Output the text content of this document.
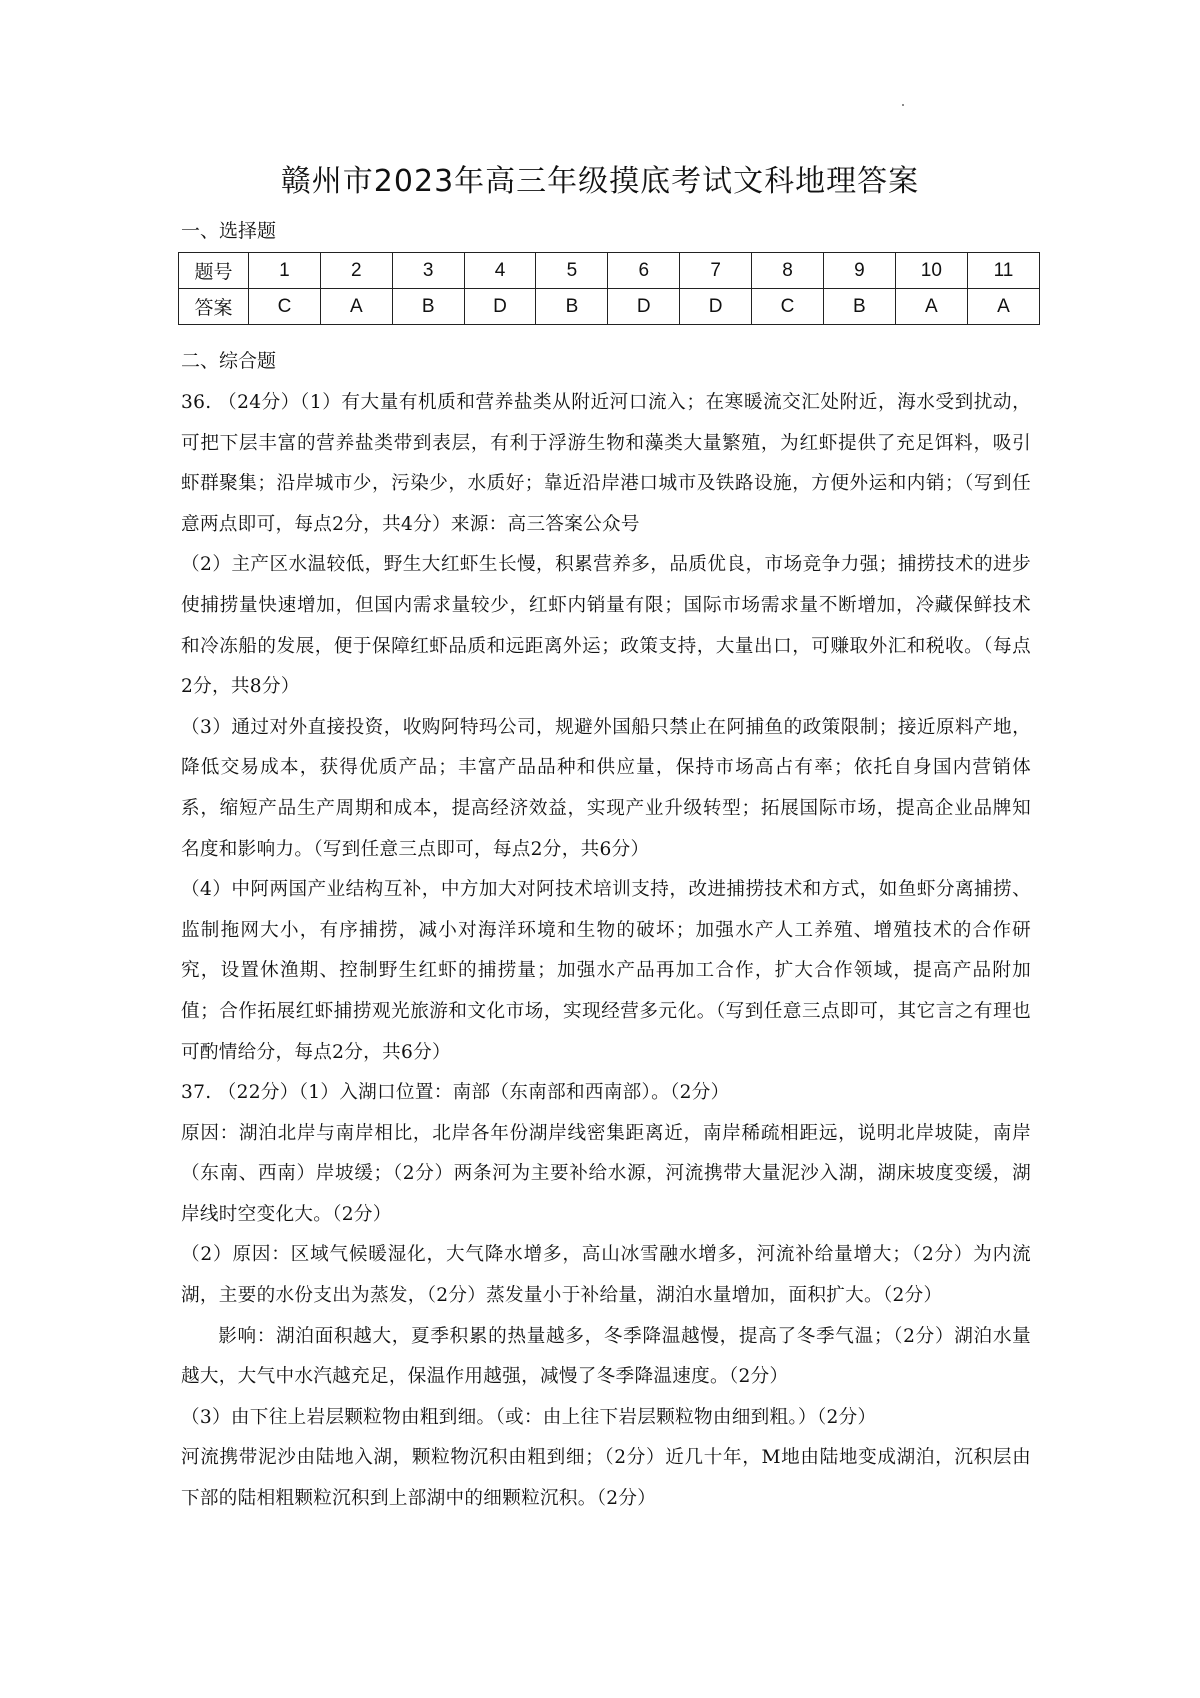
赣州市2023年高三年级摸底考试文科地理答案

一、选择题

题号	1	2	3	4	5	6	7	8	9	10	11
答案	C	A	B	D	B	D	D	C	B	A	A

二、综合题

36. （24分）（1）有大量有机质和营养盐类从附近河口流入；在寒暖流交汇处附近，海水受到扰动，可把下层丰富的营养盐类带到表层，有利于浮游生物和藻类大量繁殖，为红虾提供了充足饵料，吸引虾群聚集；沿岸城市少，污染少，水质好；靠近沿岸港口城市及铁路设施，方便外运和内销；（写到任意两点即可，每点2分，共4分）来源：高三答案公众号

（2）主产区水温较低，野生大红虾生长慢，积累营养多，品质优良，市场竞争力强；捕捞技术的进步使捕捞量快速增加，但国内需求量较少，红虾内销量有限；国际市场需求量不断增加，冷藏保鲜技术和冷冻船的发展，便于保障红虾品质和远距离外运；政策支持，大量出口，可赚取外汇和税收。（每点2分，共8分）

（3）通过对外直接投资，收购阿特玛公司，规避外国船只禁止在阿捕鱼的政策限制；接近原料产地，降低交易成本，获得优质产品；丰富产品品种和供应量，保持市场高占有率；依托自身国内营销体系，缩短产品生产周期和成本，提高经济效益，实现产业升级转型；拓展国际市场，提高企业品牌知名度和影响力。（写到任意三点即可，每点2分，共6分）

（4）中阿两国产业结构互补，中方加大对阿技术培训支持，改进捕捞技术和方式，如鱼虾分离捕捞、监制拖网大小，有序捕捞，减小对海洋环境和生物的破坏；加强水产人工养殖、增殖技术的合作研究，设置休渔期、控制野生红虾的捕捞量；加强水产品再加工合作，扩大合作领域，提高产品附加值；合作拓展红虾捕捞观光旅游和文化市场，实现经营多元化。（写到任意三点即可，其它言之有理也可酌情给分，每点2分，共6分）

37. （22分）（1）入湖口位置：南部（东南部和西南部）。（2分）

原因：湖泊北岸与南岸相比，北岸各年份湖岸线密集距离近，南岸稀疏相距远，说明北岸坡陡，南岸（东南、西南）岸坡缓；（2分）两条河为主要补给水源，河流携带大量泥沙入湖，湖床坡度变缓，湖岸线时空变化大。（2分）

（2）原因：区域气候暖湿化，大气降水增多，高山冰雪融水增多，河流补给量增大；（2分）为内流湖，主要的水份支出为蒸发，（2分）蒸发量小于补给量，湖泊水量增加，面积扩大。（2分）

影响：湖泊面积越大，夏季积累的热量越多，冬季降温越慢，提高了冬季气温；（2分）湖泊水量越大，大气中水汽越充足，保温作用越强，减慢了冬季降温速度。（2分）

（3）由下往上岩层颗粒物由粗到细。（或：由上往下岩层颗粒物由细到粗。）（2分）

河流携带泥沙由陆地入湖，颗粒物沉积由粗到细；（2分）近几十年，M地由陆地变成湖泊，沉积层由下部的陆相粗颗粒沉积到上部湖中的细颗粒沉积。（2分）
